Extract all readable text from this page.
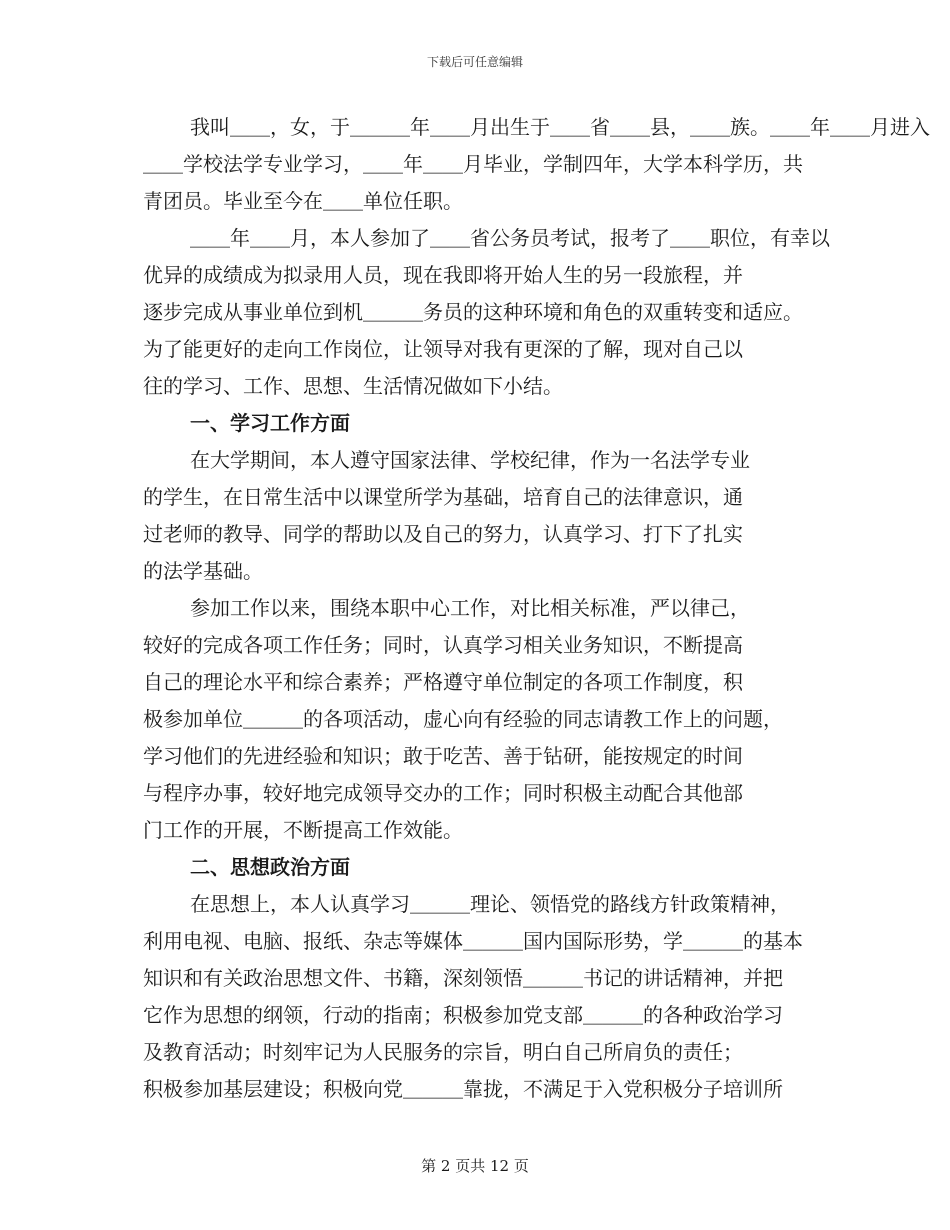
下载后可任意编辑
我叫＿＿，女，于＿＿＿年＿＿月出生于＿＿省＿＿县，＿＿族。＿＿年＿＿月进入
＿＿学校法学专业学习，＿＿年＿＿月毕业，学制四年，大学本科学历，共
青团员。毕业至今在＿＿单位任职。
＿＿年＿＿月，本人参加了＿＿省公务员考试，报考了＿＿职位，有幸以
优异的成绩成为拟录用人员，现在我即将开始人生的另一段旅程，并
逐步完成从事业单位到机＿＿＿务员的这种环境和角色的双重转变和适应。
为了能更好的走向工作岗位，让领导对我有更深的了解，现对自己以
往的学习、工作、思想、生活情况做如下小结。
一、学习工作方面
在大学期间，本人遵守国家法律、学校纪律，作为一名法学专业
的学生，在日常生活中以课堂所学为基础，培育自己的法律意识，通
过老师的教导、同学的帮助以及自己的努力，认真学习、打下了扎实
的法学基础。
参加工作以来，围绕本职中心工作，对比相关标准，严以律己，
较好的完成各项工作任务；同时，认真学习相关业务知识，不断提高
自己的理论水平和综合素养；严格遵守单位制定的各项工作制度，积
极参加单位＿＿＿的各项活动，虚心向有经验的同志请教工作上的问题，
学习他们的先进经验和知识；敢于吃苦、善于钻研，能按规定的时间
与程序办事，较好地完成领导交办的工作；同时积极主动配合其他部
门工作的开展，不断提高工作效能。
二、思想政治方面
在思想上，本人认真学习＿＿＿理论、领悟党的路线方针政策精神，
利用电视、电脑、报纸、杂志等媒体＿＿＿国内国际形势，学＿＿＿的基本
知识和有关政治思想文件、书籍，深刻领悟＿＿＿书记的讲话精神，并把
它作为思想的纲领，行动的指南；积极参加党支部＿＿＿的各种政治学习
及教育活动；时刻牢记为人民服务的宗旨，明白自己所肩负的责任；
积极参加基层建设；积极向党＿＿＿靠拢，不满足于入党积极分子培训所
第 2 页共 12 页
